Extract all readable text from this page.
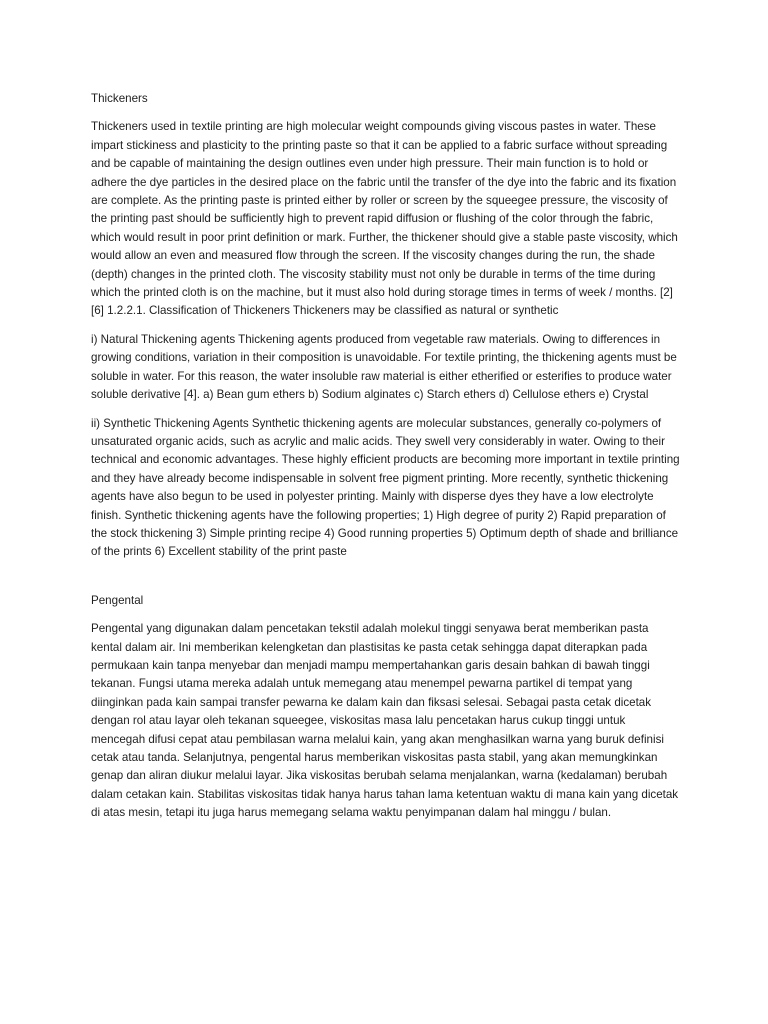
Thickeners

Thickeners used in textile printing are high molecular weight compounds giving viscous pastes in water. These impart stickiness and plasticity to the printing paste so that it can be applied to a fabric surface without spreading and be capable of maintaining the design outlines even under high pressure. Their main function is to hold or adhere the dye particles in the desired place on the fabric until the transfer of the dye into the fabric and its fixation are complete. As the printing paste is printed either by roller or screen by the squeegee pressure, the viscosity of the printing past should be sufficiently high to prevent rapid diffusion or flushing of the color through the fabric, which would result in poor print definition or mark. Further, the thickener should give a stable paste viscosity, which would allow an even and measured flow through the screen. If the viscosity changes during the run, the shade (depth) changes in the printed cloth. The viscosity stability must not only be durable in terms of the time during which the printed cloth is on the machine, but it must also hold during storage times in terms of week / months. [2][6] 1.2.2.1. Classification of Thickeners Thickeners may be classified as natural or synthetic

i) Natural Thickening agents Thickening agents produced from vegetable raw materials. Owing to differences in growing conditions, variation in their composition is unavoidable. For textile printing, the thickening agents must be soluble in water. For this reason, the water insoluble raw material is either etherified or esterifies to produce water soluble derivative [4]. a) Bean gum ethers b) Sodium alginates c) Starch ethers d) Cellulose ethers e) Crystal

ii) Synthetic Thickening Agents Synthetic thickening agents are molecular substances, generally co-polymers of unsaturated organic acids, such as acrylic and malic acids. They swell very considerably in water. Owing to their technical and economic advantages. These highly efficient products are becoming more important in textile printing and they have already become indispensable in solvent free pigment printing. More recently, synthetic thickening agents have also begun to be used in polyester printing. Mainly with disperse dyes they have a low electrolyte finish. Synthetic thickening agents have the following properties; 1) High degree of purity 2) Rapid preparation of the stock thickening 3) Simple printing recipe 4) Good running properties 5) Optimum depth of shade and brilliance of the prints 6) Excellent stability of the print paste

Pengental

Pengental yang digunakan dalam pencetakan tekstil adalah molekul tinggi senyawa berat memberikan pasta kental dalam air. Ini memberikan kelengketan dan plastisitas ke pasta cetak sehingga dapat diterapkan pada permukaan kain tanpa menyebar dan menjadi mampu mempertahankan garis desain bahkan di bawah tinggi tekanan. Fungsi utama mereka adalah untuk memegang atau menempel pewarna partikel di tempat yang diinginkan pada kain sampai transfer pewarna ke dalam kain dan fiksasi selesai. Sebagai pasta cetak dicetak dengan rol atau layar oleh tekanan squeegee, viskositas masa lalu pencetakan harus cukup tinggi untuk mencegah difusi cepat atau pembilasan warna melalui kain, yang akan menghasilkan warna yang buruk definisi cetak atau tanda. Selanjutnya, pengental harus memberikan viskositas pasta stabil, yang akan memungkinkan genap dan aliran diukur melalui layar. Jika viskositas berubah selama menjalankan, warna (kedalaman) berubah dalam cetakan kain. Stabilitas viskositas tidak hanya harus tahan lama ketentuan waktu di mana kain yang dicetak di atas mesin, tetapi itu juga harus memegang selama waktu penyimpanan dalam hal minggu / bulan.
